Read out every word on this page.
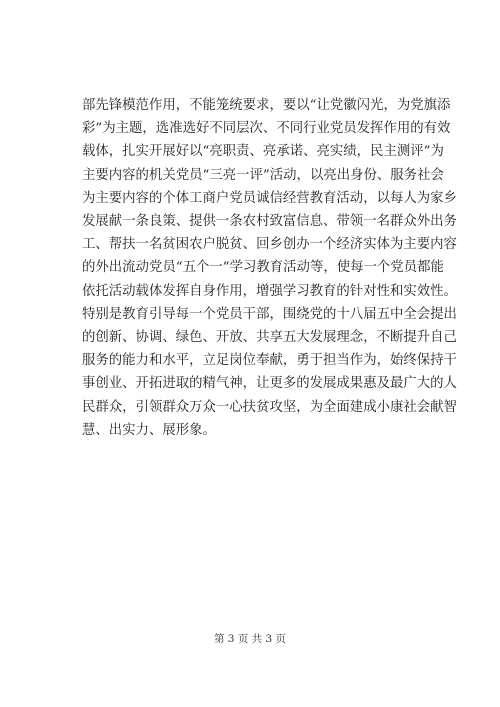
部先锋模范作用，不能笼统要求，要以“让党徽闪光，为党旗添
彩”为主题，选准选好不同层次、不同行业党员发挥作用的有效
载体，扎实开展好以“亮职责、亮承诺、亮实绩，民主测评”为
主要内容的机关党员“三亮一评”活动，以亮出身份、服务社会
为主要内容的个体工商户党员诚信经营教育活动，以每人为家乡
发展献一条良策、提供一条农村致富信息、带领一名群众外出务
工、帮扶一名贫困农户脱贫、回乡创办一个经济实体为主要内容
的外出流动党员“五个一”学习教育活动等，使每一个党员都能
依托活动载体发挥自身作用，增强学习教育的针对性和实效性。
特别是教育引导每一个党员干部，围绕党的十八届五中全会提出
的创新、协调、绿色、开放、共享五大发展理念，不断提升自己
服务的能力和水平，立足岗位奉献，勇于担当作为，始终保持干
事创业、开拓进取的精气神，让更多的发展成果惠及最广大的人
民群众，引领群众万众一心扶贫攻坚，为全面建成小康社会献智
慧、出实力、展形象。

第 3 页 共 3 页
